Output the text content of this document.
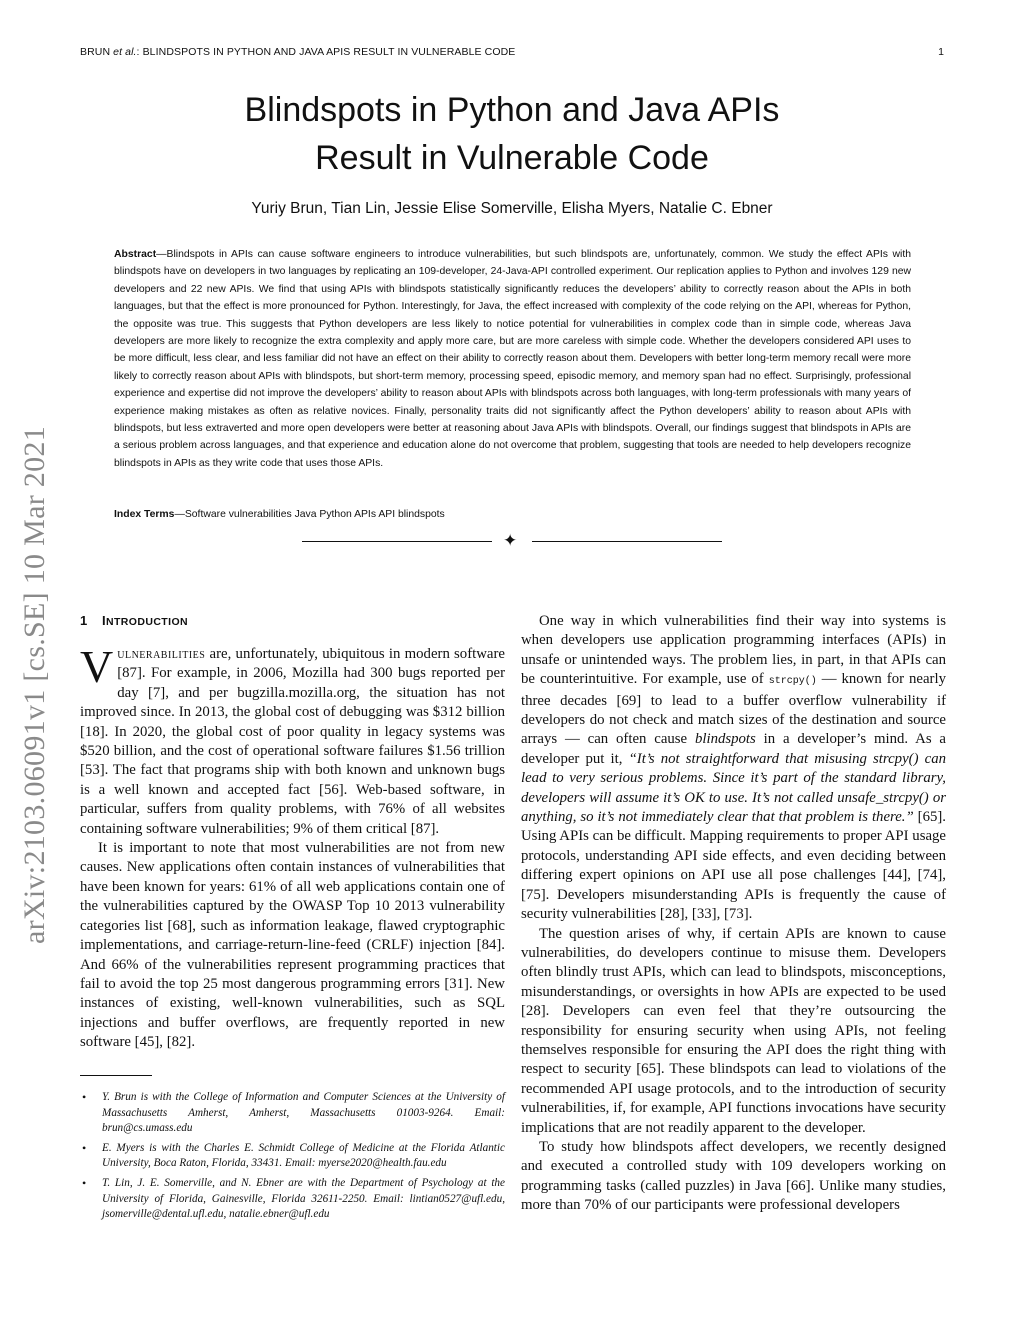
BRUN et al.: BLINDSPOTS IN PYTHON AND JAVA APIS RESULT IN VULNERABLE CODE	1
arXiv:2103.06091v1 [cs.SE] 10 Mar 2021
Blindspots in Python and Java APIs
Result in Vulnerable Code
Yuriy Brun, Tian Lin, Jessie Elise Somerville, Elisha Myers, Natalie C. Ebner

Abstract—Blindspots in APIs can cause software engineers to introduce vulnerabilities, but such blindspots are, unfortunately, common. We study the effect APIs with blindspots have on developers in two languages by replicating an 109-developer, 24-Java-API controlled experiment. Our replication applies to Python and involves 129 new developers and 22 new APIs. We find that using APIs with blindspots statistically significantly reduces the developers’ ability to correctly reason about the APIs in both languages, but that the effect is more pronounced for Python. Interestingly, for Java, the effect increased with complexity of the code relying on the API, whereas for Python, the opposite was true. This suggests that Python developers are less likely to notice potential for vulnerabilities in complex code than in simple code, whereas Java developers are more likely to recognize the extra complexity and apply more care, but are more careless with simple code. Whether the developers considered API uses to be more difficult, less clear, and less familiar did not have an effect on their ability to correctly reason about them. Developers with better long-term memory recall were more likely to correctly reason about APIs with blindspots, but short-term memory, processing speed, episodic memory, and memory span had no effect. Surprisingly, professional experience and expertise did not improve the developers’ ability to reason about APIs with blindspots across both languages, with long-term professionals with many years of experience making mistakes as often as relative novices. Finally, personality traits did not significantly affect the Python developers’ ability to reason about APIs with blindspots, but less extraverted and more open developers were better at reasoning about Java APIs with blindspots. Overall, our findings suggest that blindspots in APIs are a serious problem across languages, and that experience and education alone do not overcome that problem, suggesting that tools are needed to help developers recognize blindspots in APIs as they write code that uses those APIs.

Index Terms—Software vulnerabilities Java Python APIs API blindspots
✦
1 INTRODUCTION

Vulnerabilities are, unfortunately, ubiquitous in modern software [87]. For example, in 2006, Mozilla had 300 bugs reported per day [7], and per bugzilla.mozilla.org, the situation has not improved since. In 2013, the global cost of debugging was $312 billion [18]. In 2020, the global cost of poor quality in legacy systems was $520 billion, and the cost of operational software failures $1.56 trillion [53]. The fact that programs ship with both known and unknown bugs is a well known and accepted fact [56]. Web-based software, in particular, suffers from quality problems, with 76% of all websites containing software vulnerabilities; 9% of them critical [87].

It is important to note that most vulnerabilities are not from new causes. New applications often contain instances of vulnerabilities that have been known for years: 61% of all web applications contain one of the vulnerabilities captured by the OWASP Top 10 2013 vulnerability categories list [68], such as information leakage, flawed cryptographic implementations, and carriage-return-line-feed (CRLF) injection [84]. And 66% of the vulnerabilities represent programming practices that fail to avoid the top 25 most dangerous programming errors [31]. New instances of existing, well-known vulnerabilities, such as SQL injections and buffer overflows, are frequently reported in new software [45], [82].

• Y. Brun is with the College of Information and Computer Sciences at the University of Massachusetts Amherst, Amherst, Massachusetts 01003-9264. Email: brun@cs.umass.edu
• E. Myers is with the Charles E. Schmidt College of Medicine at the Florida Atlantic University, Boca Raton, Florida, 33431. Email: myerse2020@health.fau.edu
• T. Lin, J. E. Somerville, and N. Ebner are with the Department of Psychology at the University of Florida, Gainesville, Florida 32611-2250. Email: lintian0527@ufl.edu, jsomerville@dental.ufl.edu, natalie.ebner@ufl.edu

One way in which vulnerabilities find their way into systems is when developers use application programming interfaces (APIs) in unsafe or unintended ways. The problem lies, in part, in that APIs can be counterintuitive. For example, use of strcpy() — known for nearly three decades [69] to lead to a buffer overflow vulnerability if developers do not check and match sizes of the destination and source arrays — can often cause blindspots in a developer’s mind. As a developer put it, “It’s not straightforward that misusing strcpy() can lead to very serious problems. Since it’s part of the standard library, developers will assume it’s OK to use. It’s not called unsafe_strcpy() or anything, so it’s not immediately clear that that problem is there.” [65]. Using APIs can be difficult. Mapping requirements to proper API usage protocols, understanding API side effects, and even deciding between differing expert opinions on API use all pose challenges [44], [74], [75]. Developers misunderstanding APIs is frequently the cause of security vulnerabilities [28], [33], [73].

The question arises of why, if certain APIs are known to cause vulnerabilities, do developers continue to misuse them. Developers often blindly trust APIs, which can lead to blindspots, misconceptions, misunderstandings, or oversights in how APIs are expected to be used [28]. Developers can even feel that they’re outsourcing the responsibility for ensuring security when using APIs, not feeling themselves responsible for ensuring the API does the right thing with respect to security [65]. These blindspots can lead to violations of the recommended API usage protocols, and to the introduction of security vulnerabilities, if, for example, API functions invocations have security implications that are not readily apparent to the developer.

To study how blindspots affect developers, we recently designed and executed a controlled study with 109 developers working on programming tasks (called puzzles) in Java [66]. Unlike many studies, more than 70% of our participants were professional developers
